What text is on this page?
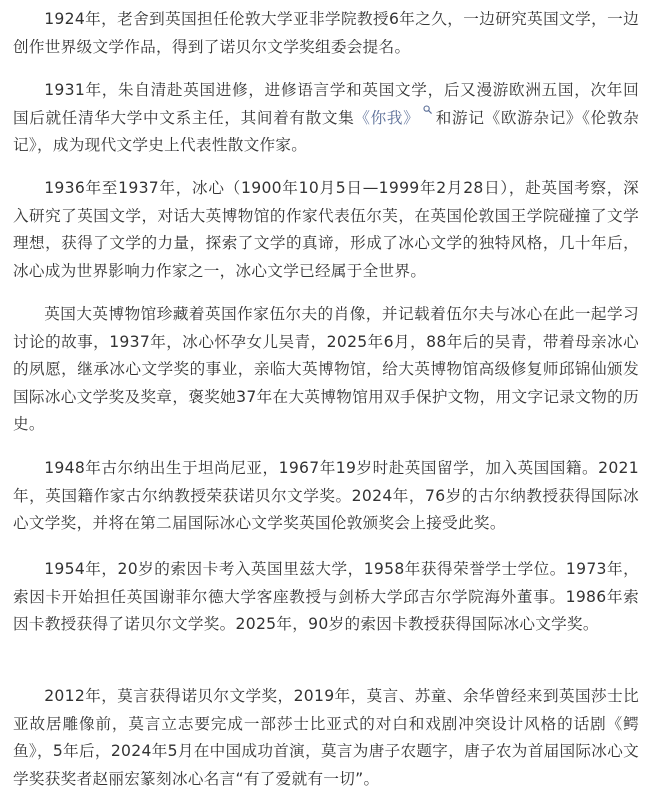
1924年，老舍到英国担任伦敦大学亚非学院教授6年之久，一边研究英国文学，一边创作世界级文学作品，得到了诺贝尔文学奖组委会提名。

1931年，朱自清赴英国进修，进修语言学和英国文学，后又漫游欧洲五国，次年回国后就任清华大学中文系主任，其间着有散文集《你我》 和游记《欧游杂记》《伦敦杂记》，成为现代文学史上代表性散文作家。

1936年至1937年，冰心（1900年10月5日—1999年2月28日），赴英国考察，深入研究了英国文学，对话大英博物馆的作家代表伍尔芙，在英国伦敦国王学院碰撞了文学理想，获得了文学的力量，探索了文学的真谛，形成了冰心文学的独特风格，几十年后，冰心成为世界影响力作家之一，冰心文学已经属于全世界。

英国大英博物馆珍藏着英国作家伍尔夫的肖像，并记载着伍尔夫与冰心在此一起学习讨论的故事，1937年，冰心怀孕女儿吴青，2025年6月，88年后的吴青，带着母亲冰心的夙愿，继承冰心文学奖的事业，亲临大英博物馆，给大英博物馆高级修复师邱锦仙颁发国际冰心文学奖及奖章，褒奖她37年在大英博物馆用双手保护文物，用文字记录文物的历史。

1948年古尔纳出生于坦尚尼亚，1967年19岁时赴英国留学，加入英国国籍。2021年，英国籍作家古尔纳教授荣获诺贝尔文学奖。2024年，76岁的古尔纳教授获得国际冰心文学奖，并将在第二届国际冰心文学奖英国伦敦颁奖会上接受此奖。

1954年，20岁的索因卡考入英国里兹大学，1958年获得荣誉学士学位。1973年，索因卡开始担任英国谢菲尔德大学客座教授与剑桥大学邱吉尔学院海外董事。1986年索因卡教授获得了诺贝尔文学奖。2025年，90岁的索因卡教授获得国际冰心文学奖。

2012年，莫言获得诺贝尔文学奖，2019年，莫言、苏童、余华曾经来到英国莎士比亚故居雕像前，莫言立志要完成一部莎士比亚式的对白和戏剧冲突设计风格的话剧《鳄鱼》，5年后，2024年5月在中国成功首演，莫言为唐子农题字，唐子农为首届国际冰心文学奖获奖者赵丽宏篆刻冰心名言“有了爱就有一切”。
